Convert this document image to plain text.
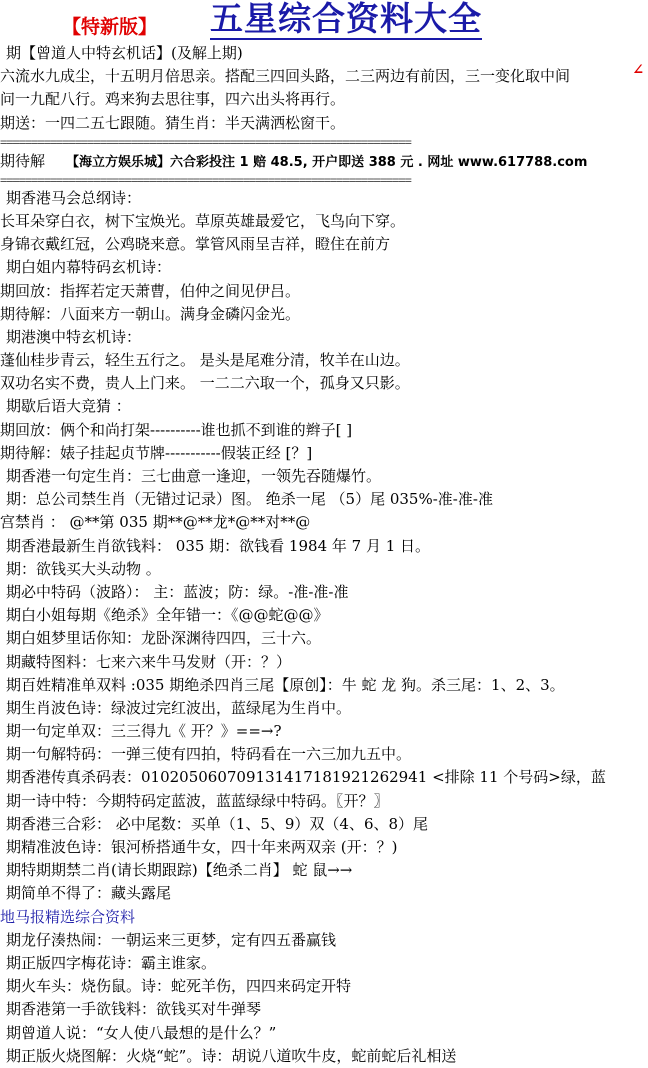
【特新版】 五星综合资料大全
∠
期【曾道人中特玄机话】(及解上期)
六流水九成尘，十五明月倍思亲。搭配三四回头路，二三两边有前因，三一变化取中间
问一九配八行。鸡来狗去思往事，四六出头将再行。
期送：一四二五七跟随。猜生肖：半天满洒松窗干。
==================================================================
期待解 【海立方娱乐城】六合彩投注 1 赔 48.5, 开户即送 388 元 . 网址 www.617788.com
==================================================================
期香港马会总纲诗：
长耳朵穿白衣，树下宝焕光。草原英雄最爱它，飞鸟向下穿。
身锦衣戴红冠，公鸡晓来意。掌管风雨呈吉祥，瞪住在前方
期白姐内幕特码玄机诗：
期回放：指挥若定天萧曹，伯仲之间见伊吕。
期待解：八面来方一朝山。满身金磷闪金光。
期港澳中特玄机诗：
蓬仙桂步青云，轻生五行之。 是头是尾难分清，牧羊在山边。
双功名实不费，贵人上门来。 一二二六取一个，孤身又只影。
期歇后语大竞猜 ：
期回放：俩个和尚打架----------谁也抓不到谁的辫子[ ]
期待解：婊子挂起贞节牌-----------假装正经 [？]
期香港一句定生肖：三七曲意一逢迎，一领先吞随爆竹。
期：总公司禁生肖（无错过记录）图。 绝杀一尾 （5）尾 035%-准-准-准
宫禁肖 ： @**第 035 期**@**龙*@**对**@
期香港最新生肖欲钱料： 035 期：欲钱看 1984 年 7 月 1 日。
期：欲钱买大头动物 。
期必中特码（波路）： 主：蓝波；防：绿。-准-准-准
期白小姐每期《绝杀》全年错一：《@@蛇@@》
期白姐梦里话你知：龙卧深渊待四四，三十六。
期藏特图料：七来六来牛马发财（开：？）
期百姓精准单双料 :035 期绝杀四肖三尾【原创】：牛 蛇 龙 狗。杀三尾：1、2、3。
期生肖波色诗：绿波过完红波出，蓝绿尾为生肖中。
期一句定单双：三三得九《 开？》==→?
期一句解特码：一弹三使有四拍，特码看在一六三加九五中。
期香港传真杀码表：01020506070913141718192126​2941 <排除 11 个号码>绿，蓝
期一诗中特：今期特码定蓝波，蓝蓝绿绿中特码。〖开？〗
期香港三合彩： 必中尾数：买单（1、5、9）双（4、6、8）尾
期精准波色诗：银河桥搭通牛女，四十年来两双亲 (开：？)
期特期期禁二肖(请长期跟踪)【绝杀二肖】 蛇 鼠→→
期简单不得了：藏头露尾
地马报精选综合资料
期龙仔湊热闹：一朝运来三更梦，定有四五番赢钱
期正版四字梅花诗：霸主谁家。
期火车头：烧伤鼠。诗：蛇死羊伤，四四来码定开特
期香港第一手欲钱料：欲钱买对牛弹琴
期曾道人说：“女人使八最想的是什么？”
期正版火烧图解：火烧“蛇”。诗：胡说八道吹牛皮，蛇前蛇后礼相送
